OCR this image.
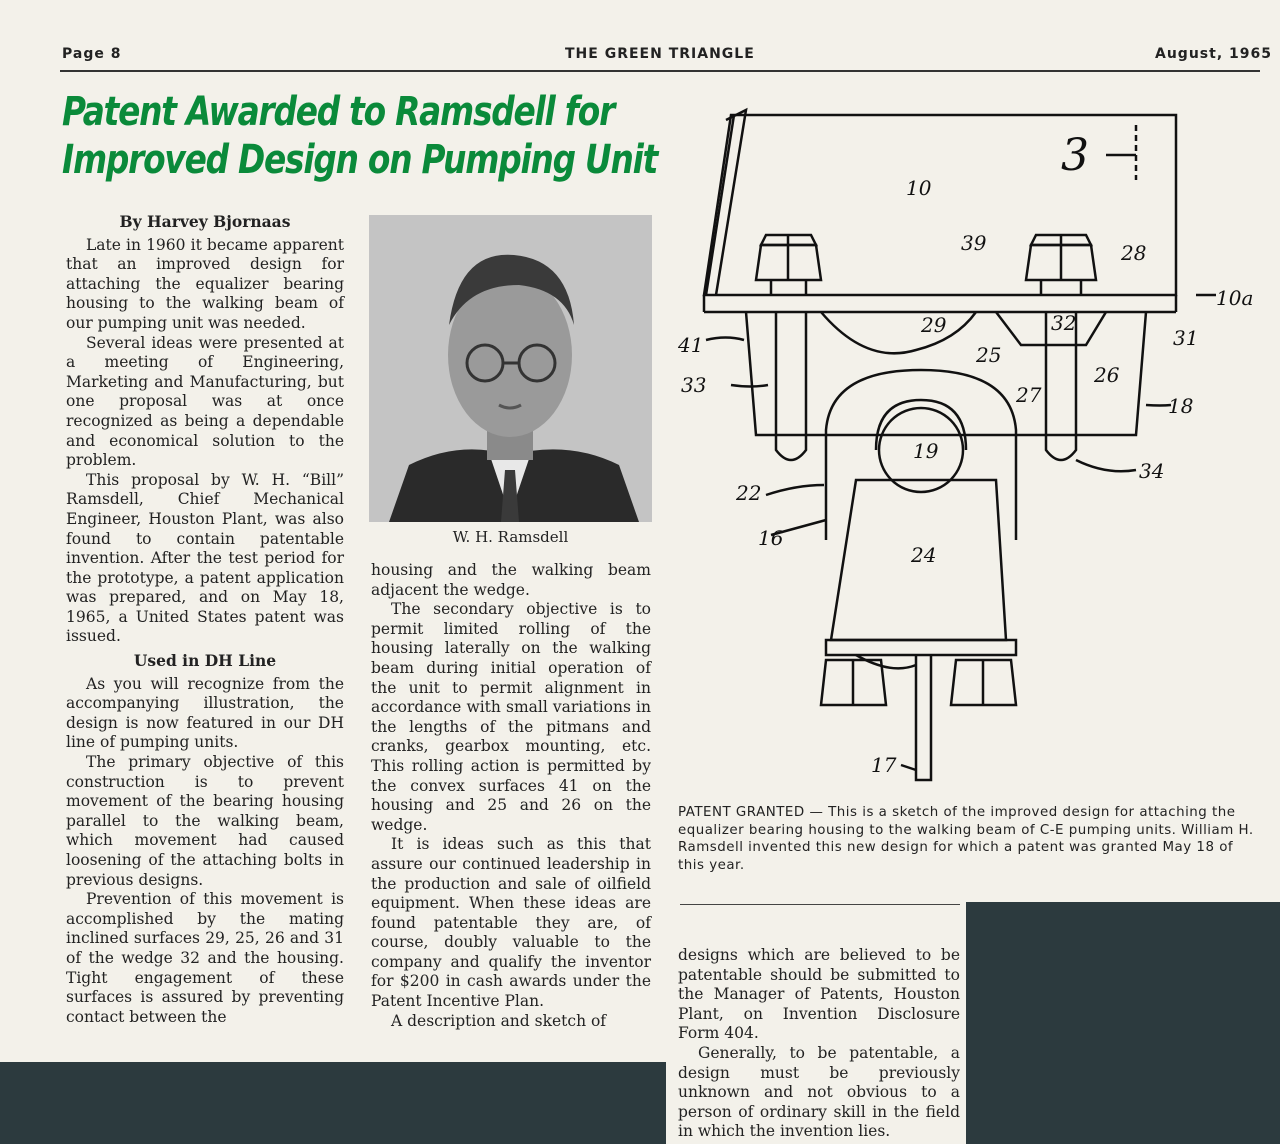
Page 8	THE GREEN TRIANGLE	August, 1965
Patent Awarded to Ramsdell for
Improved Design on Pumping Unit
By Harvey Bjornaas

Late in 1960 it became apparent that an improved design for attaching the equalizer bearing housing to the walking beam of our pumping unit was needed.

Several ideas were presented at a meeting of Engineering, Marketing and Manufacturing, but one proposal was at once recognized as being a dependable and economical solution to the problem.

This proposal by W. H. “Bill” Ramsdell, Chief Mechanical Engineer, Houston Plant, was also found to contain patentable invention. After the test period for the prototype, a patent application was prepared, and on May 18, 1965, a United States patent was issued.

Used in DH Line

As you will recognize from the accompanying illustration, the design is now featured in our DH line of pumping units.

The primary objective of this construction is to prevent movement of the bearing housing parallel to the walking beam, which movement had caused loosening of the attaching bolts in previous designs.

Prevention of this movement is accomplished by the mating inclined surfaces 29, 25, 26 and 31 of the wedge 32 and the housing. Tight engagement of these surfaces is assured by preventing contact between the

W. H. Ramsdell

housing and the walking beam adjacent the wedge.

The secondary objective is to permit limited rolling of the housing laterally on the walking beam during initial operation of the unit to permit alignment in accordance with small variations in the lengths of the pitmans and cranks, gearbox mounting, etc. This rolling action is permitted by the convex surfaces 41 on the housing and 25 and 26 on the wedge.

It is ideas such as this that assure our continued leadership in the production and sale of oilfield equipment. When these ideas are found patentable they are, of course, doubly valuable to the company and qualify the inventor for $200 in cash awards under the Patent Incentive Plan.

A description and sketch of

3
10
39	28
10a
29	32
31
41	25
26
33	27	18
19
34
22
16
24
17

PATENT GRANTED — This is a sketch of the improved design for attaching the equalizer bearing housing to the walking beam of C-E pumping units. William H. Ramsdell invented this new design for which a patent was granted May 18 of this year.

designs which are believed to be patentable should be submitted to the Manager of Patents, Houston Plant, on Invention Disclosure Form 404.

Generally, to be patentable, a design must be previously unknown and not obvious to a person of ordinary skill in the field in which the invention lies.
